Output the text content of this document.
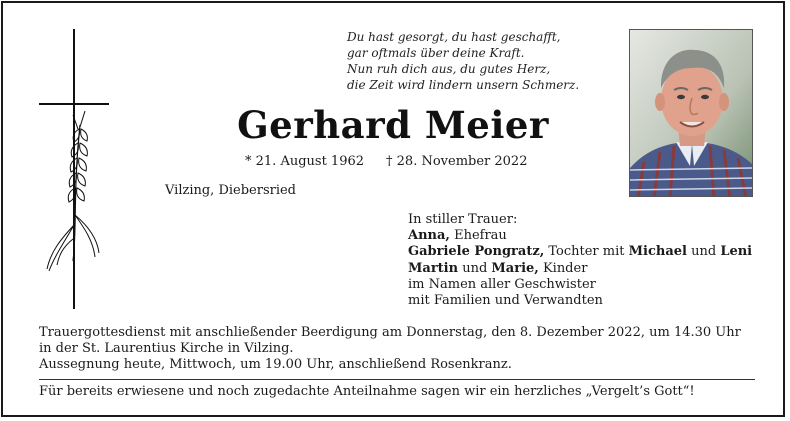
Du hast gesorgt, du hast geschafft,
gar oftmals über deine Kraft.
Nun ruh dich aus, du gutes Herz,
die Zeit wird lindern unsern Schmerz.
Gerhard Meier
* 21. August 1962 † 28. November 2022
Vilzing, Diebersried
In stiller Trauer:
Anna, Ehefrau
Gabriele Pongratz, Tochter mit Michael und Leni
Martin und Marie, Kinder
im Namen aller Geschwister
mit Familien und Verwandten
Trauergottesdienst mit anschließender Beerdigung am Donnerstag, den 8. Dezember 2022, um 14.30 Uhr
in der St. Laurentius Kirche in Vilzing.
Aussegnung heute, Mittwoch, um 19.00 Uhr, anschließend Rosenkranz.
Für bereits erwiesene und noch zugedachte Anteilnahme sagen wir ein herzliches „Vergelt’s Gott“!
